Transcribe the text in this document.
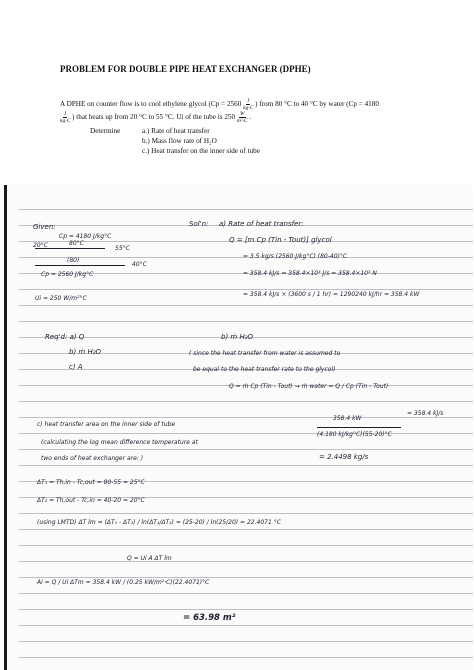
PROBLEM FOR DOUBLE PIPE HEAT EXCHANGER (DPHE)
A DPHE on counter flow is to cool ethylene glycol ($Cp = 2560 \frac{J}{kg\cdot C}$ ) from 80 °C to 40 °C by water (Cp = 4180
$\frac{J}{kg\cdot C}$ ) that heats up from 20 °C to 55 °C. Ui of the tube is $250 \frac{W}{\text{m²·C}}$ .
Determine	a.) Rate of heat transfer
b.) Mass flow rate of H₂O
c.) Heat transfer on the inner side of tube
Given:
Cp = 4180 J/kg°C
20°C	80°C
55°C
(80)
40°C
Cp = 2560 J/kg°C
Ui = 250 W/m²°C
Sol'n: a) Rate of heat transfer:
Q = [m Cp (Tin - Tout)] glycol
= 3.5 kg/s (2560 J/kg°C) (80-40)°C
= 358.4 kJ/s = 358.4×10³ J/s = 358.4×10³ N
= 358.4 kJ/s × (3600 s / 1 hr) = 1290240 kJ/hr = 358.4 kW
Req'd: a) Q
b) ṁ H₂O
c) A
b) ṁ H₂O
( since the heat transfer from water is assumed to
be equal to the heat transfer rate to the glycol)
Q = ṁ Cp (Tin - Tout) → ṁ water = Q / Cp (Tin - Tout)
c) heat transfer area on the inner side of tube
(calculating the log mean difference temperature at
two ends of heat exchanger are: )
358.4 kW
(4.180 kJ/kg°C)(55-20)°C
= 2.4498 kg/s
= 358.4 kJ/s
ΔT₁ = Th,in - Tc,out = 80-55 = 25°C
ΔT₂ = Th,out - Tc,in = 40-20 = 20°C
(using LMTD) ΔT lm = (ΔT₁ - ΔT₂) / ln(ΔT₁/ΔT₂) = (25-20) / ln(25/20) = 22.4071 °C
Q = Ui A ΔT lm
Ai = Q / Ui ΔTm = 358.4 kW / (0.25 kW/m²·C)(22.4071)°C
= 63.98 m²
